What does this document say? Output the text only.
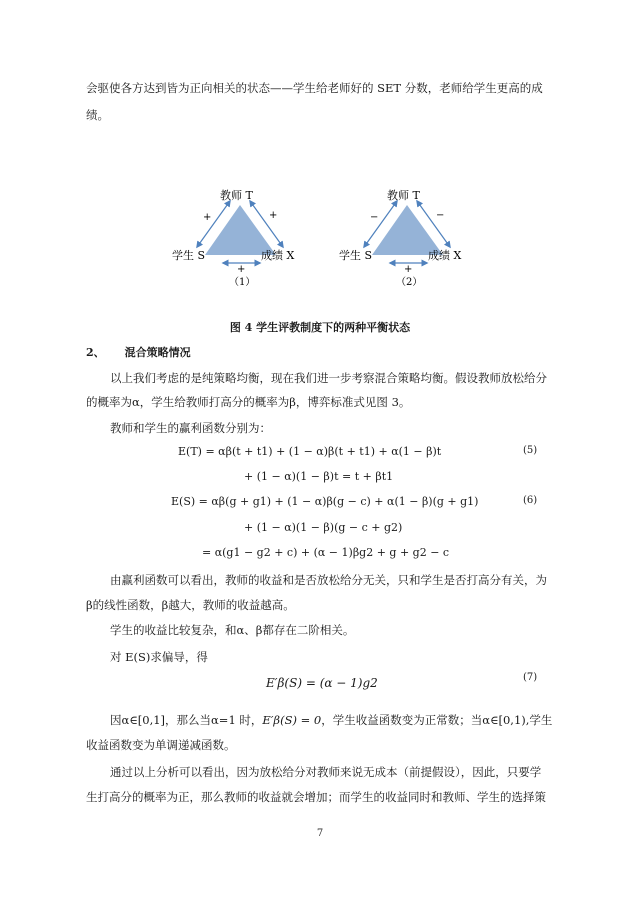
会驱使各方达到皆为正向相关的状态——学生给老师好的 SET 分数，老师给学生更高的成
绩。
教师 T
+	+
+
学生 S	成绩 X
（1）
教师 T
−	−
+
学生 S	成绩 X
（2）
图 4 学生评教制度下的两种平衡状态
2、 混合策略情况
以上我们考虑的是纯策略均衡，现在我们进一步考察混合策略均衡。假设教师放松给分
的概率为α，学生给教师打高分的概率为β，博弈标准式见图 3。
教师和学生的赢利函数分别为：
E(T) = αβ(t + t1) + (1 − α)β(t + t1) + α(1 − β)t	(5)
+ (1 − α)(1 − β)t = t + βt1
E(S) = αβ(g + g1) + (1 − α)β(g − c) + α(1 − β)(g + g1)	(6)
+ (1 − α)(1 − β)(g − c + g2)
= α(g1 − g2 + c) + (α − 1)βg2 + g + g2 − c
由赢利函数可以看出，教师的收益和是否放松给分无关，只和学生是否打高分有关，为
β的线性函数，β越大，教师的收益越高。
学生的收益比较复杂，和α、β都存在二阶相关。
对 E(S)求偏导，得
E′β(S) = (α − 1)g2	(7)
因α∈[0,1]，那么当α=1 时，E′β(S) = 0，学生收益函数变为正常数；当α∈[0,1),学生
收益函数变为单调递减函数。
通过以上分析可以看出，因为放松给分对教师来说无成本（前提假设），因此，只要学
生打高分的概率为正，那么教师的收益就会增加；而学生的收益同时和教师、学生的选择策
7
